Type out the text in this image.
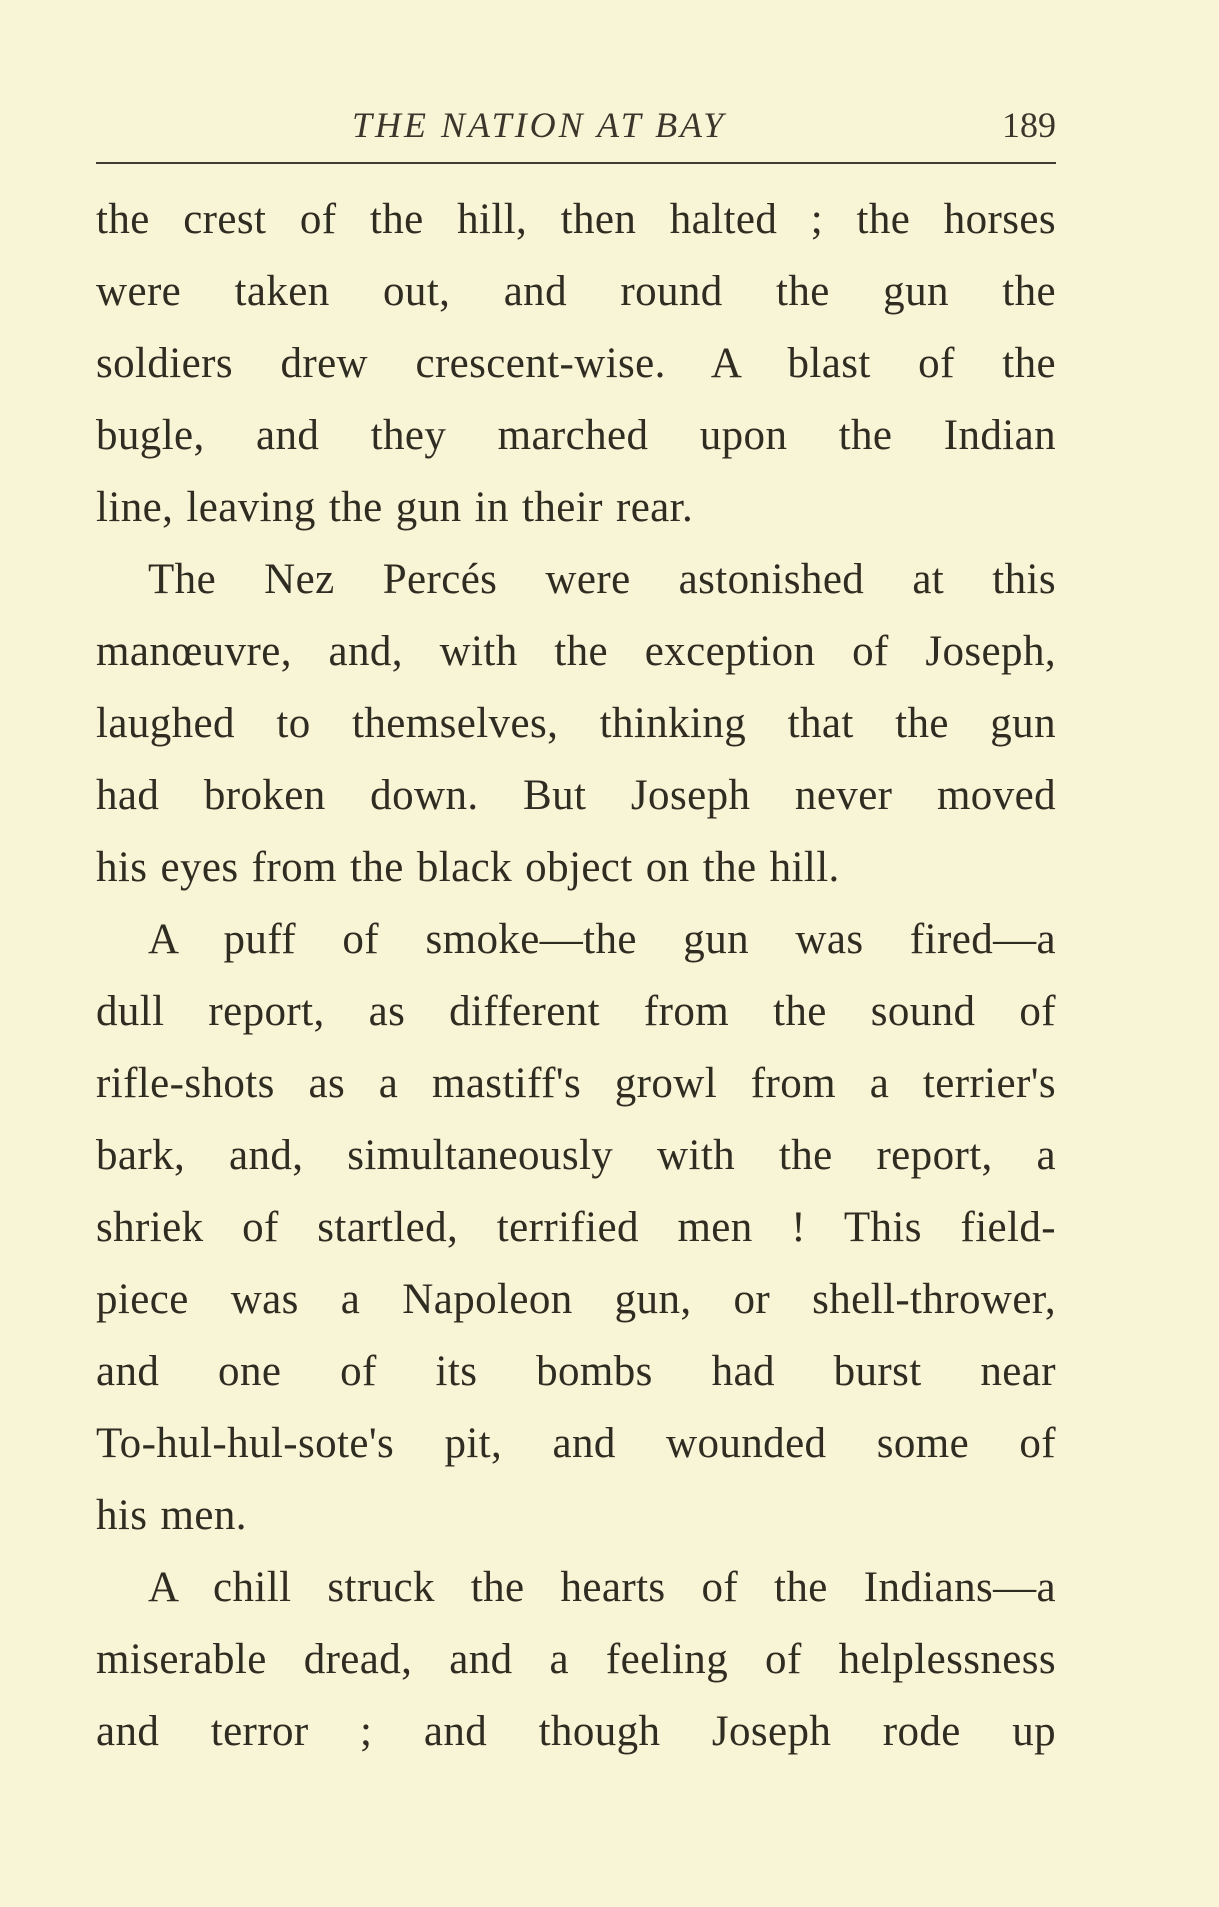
THE NATION AT BAY	189
the crest of the hill, then halted ; the horses
were taken out, and round the gun the
soldiers drew crescent-wise. A blast of the
bugle, and they marched upon the Indian
line, leaving the gun in their rear.
The Nez Percés were astonished at this
manœuvre, and, with the exception of Joseph,
laughed to themselves, thinking that the gun
had broken down. But Joseph never moved
his eyes from the black object on the hill.
A puff of smoke—the gun was fired—a
dull report, as different from the sound of
rifle-shots as a mastiff's growl from a terrier's
bark, and, simultaneously with the report, a
shriek of startled, terrified men ! This field-
piece was a Napoleon gun, or shell-thrower,
and one of its bombs had burst near
To-hul-hul-sote's pit, and wounded some of
his men.
A chill struck the hearts of the Indians—a
miserable dread, and a feeling of helplessness
and terror ; and though Joseph rode up
